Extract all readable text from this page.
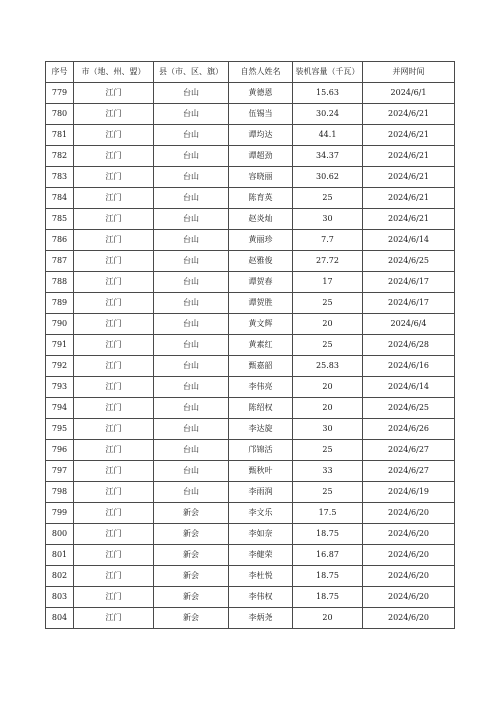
序号	市（地、州、盟）	县（市、区、旗）	自然人姓名	装机容量（千瓦）	并网时间
779	江门	台山	黄德恩	15.63	2024/6/1
780	江门	台山	伍锡当	30.24	2024/6/21
781	江门	台山	谭均达	44.1	2024/6/21
782	江门	台山	谭超劲	34.37	2024/6/21
783	江门	台山	容晓丽	30.62	2024/6/21
784	江门	台山	陈育英	25	2024/6/21
785	江门	台山	赵炎灿	30	2024/6/21
786	江门	台山	黄丽珍	7.7	2024/6/14
787	江门	台山	赵雅俊	27.72	2024/6/25
788	江门	台山	谭贺春	17	2024/6/17
789	江门	台山	谭贺胜	25	2024/6/17
790	江门	台山	黄文辉	20	2024/6/4
791	江门	台山	黄素红	25	2024/6/28
792	江门	台山	甄嘉韶	25.83	2024/6/16
793	江门	台山	李伟亮	20	2024/6/14
794	江门	台山	陈绍权	20	2024/6/25
795	江门	台山	李达旋	30	2024/6/26
796	江门	台山	邝锦活	25	2024/6/27
797	江门	台山	甄秋叶	33	2024/6/27
798	江门	台山	李雨润	25	2024/6/19
799	江门	新会	李文乐	17.5	2024/6/20
800	江门	新会	李如奈	18.75	2024/6/20
801	江门	新会	李健荣	16.87	2024/6/20
802	江门	新会	李杜悦	18.75	2024/6/20
803	江门	新会	李伟权	18.75	2024/6/20
804	江门	新会	李炳尧	20	2024/6/20
